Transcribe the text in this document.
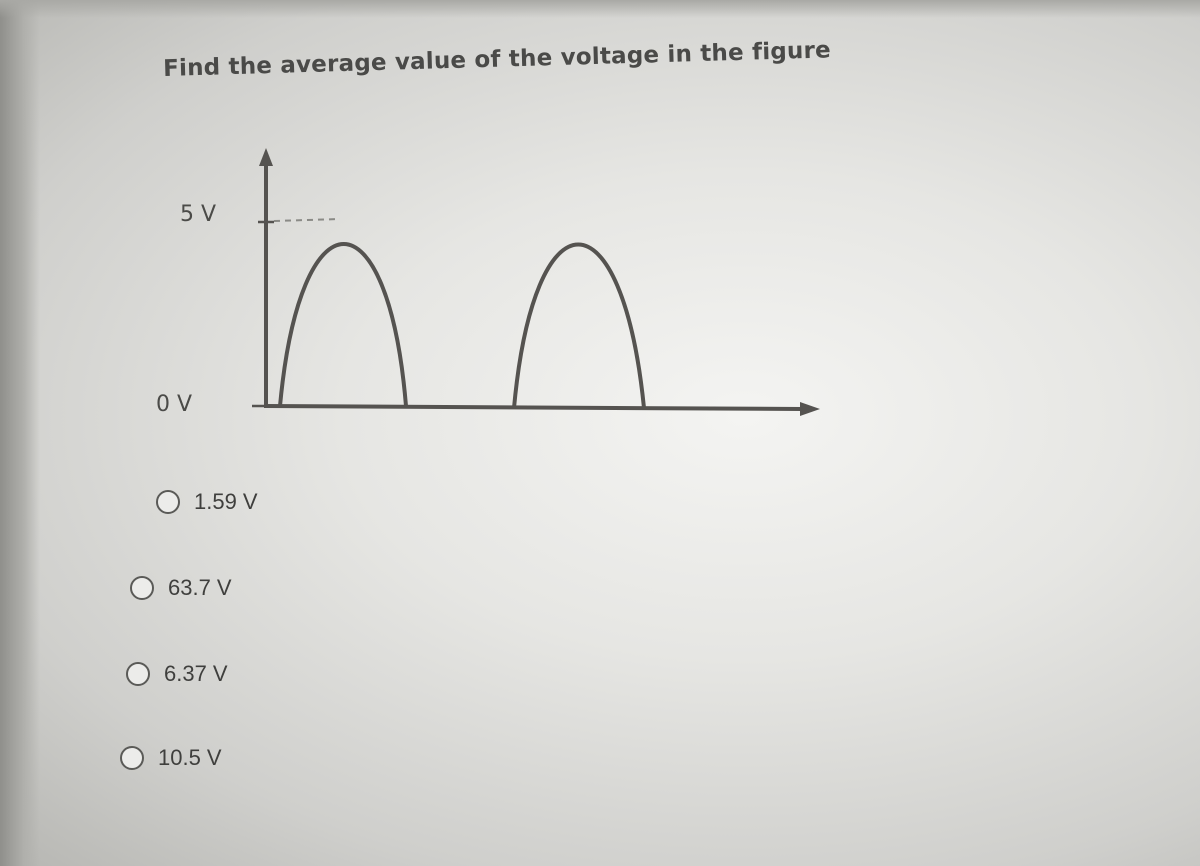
Find the average value of the voltage in the figure
5 V
0 V
1.59 V
63.7 V
6.37 V
10.5 V
